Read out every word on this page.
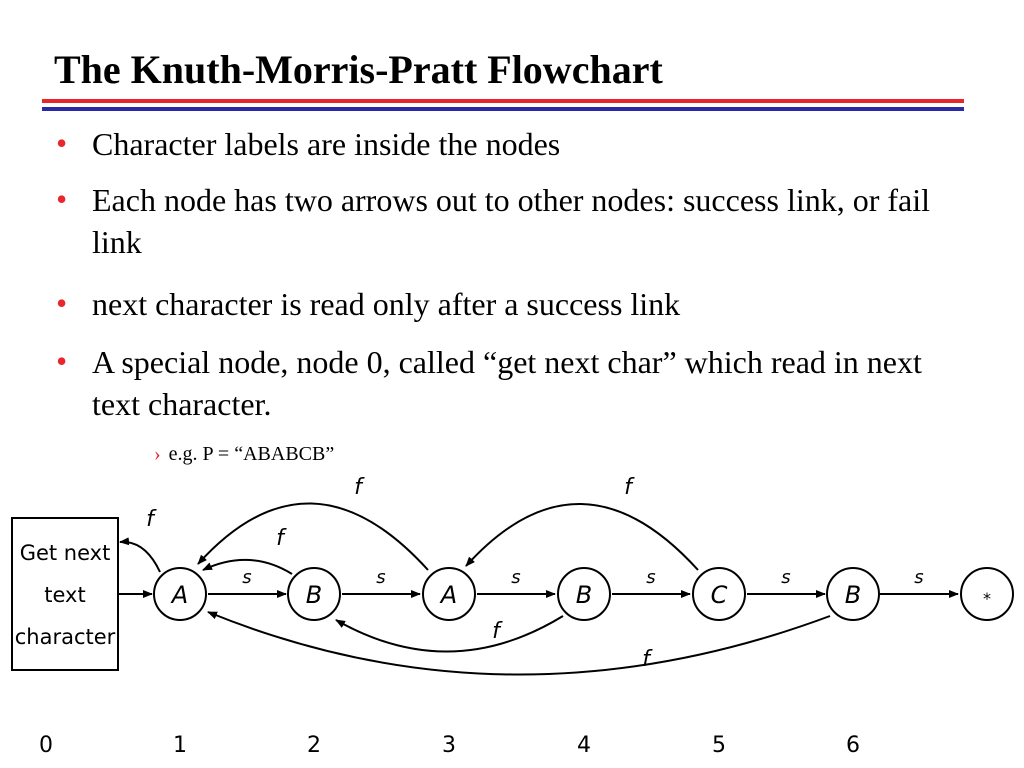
The Knuth-Morris-Pratt Flowchart
• Character labels are inside the nodes
• Each node has two arrows out to other nodes: success link, or fail link
• next character is read only after a success link
• A special node, node 0, called “get next char” which read in next text character.
› e.g. P = “ABABCB”
Get next
text
character
A	B	A	B	C	B	*
s	s	s	s	s	s
f
f
f
f
f
f
0	1	2	3	4	5	6
